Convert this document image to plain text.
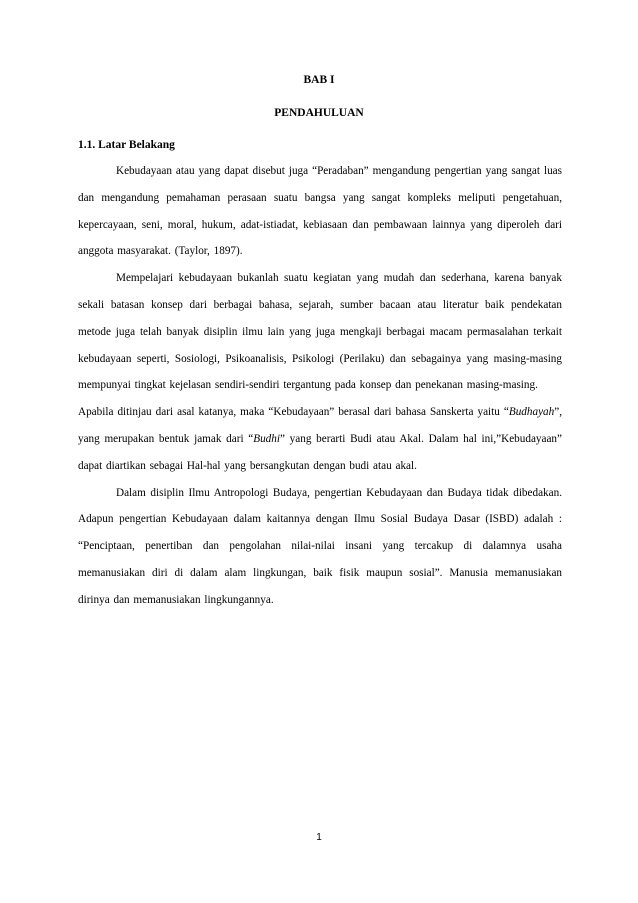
BAB I
PENDAHULUAN
1.1. Latar Belakang

Kebudayaan atau yang dapat disebut juga “Peradaban” mengandung pengertian yang sangat luas dan mengandung pemahaman perasaan suatu bangsa yang sangat kompleks meliputi pengetahuan, kepercayaan, seni, moral, hukum, adat-istiadat, kebiasaan dan pembawaan lainnya yang diperoleh dari anggota masyarakat. (Taylor, 1897).

Mempelajari kebudayaan bukanlah suatu kegiatan yang mudah dan sederhana, karena banyak sekali batasan konsep dari berbagai bahasa, sejarah, sumber bacaan atau literatur baik pendekatan metode juga telah banyak disiplin ilmu lain yang juga mengkaji berbagai macam permasalahan terkait kebudayaan seperti, Sosiologi, Psikoanalisis, Psikologi (Perilaku) dan sebagainya yang masing-masing mempunyai tingkat kejelasan sendiri-sendiri tergantung pada konsep dan penekanan masing-masing.

Apabila ditinjau dari asal katanya, maka “Kebudayaan” berasal dari bahasa Sanskerta yaitu “Budhayah”, yang merupakan bentuk jamak dari “Budhi” yang berarti Budi atau Akal. Dalam hal ini,”Kebudayaan” dapat diartikan sebagai Hal-hal yang bersangkutan dengan budi atau akal.

Dalam disiplin Ilmu Antropologi Budaya, pengertian Kebudayaan dan Budaya tidak dibedakan. Adapun pengertian Kebudayaan dalam kaitannya dengan Ilmu Sosial Budaya Dasar (ISBD) adalah : “Penciptaan, penertiban dan pengolahan nilai-nilai insani yang tercakup di dalamnya usaha memanusiakan diri di dalam alam lingkungan, baik fisik maupun sosial”. Manusia memanusiakan dirinya dan memanusiakan lingkungannya.

1
